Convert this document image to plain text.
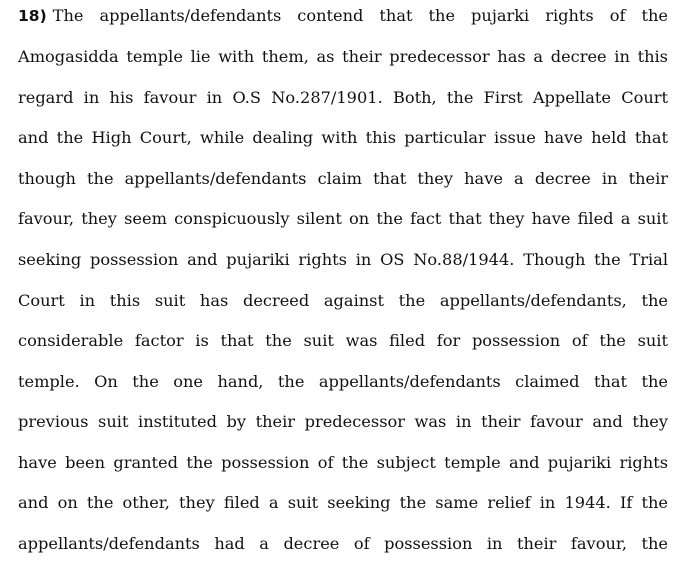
18) The appellants/defendants contend that the pujarki rights of the
Amogasidda temple lie with them, as their predecessor has a decree in this
regard in his favour in O.S No.287/1901. Both, the First Appellate Court
and the High Court, while dealing with this particular issue have held that
though the appellants/defendants claim that they have a decree in their
favour, they seem conspicuously silent on the fact that they have filed a suit
seeking possession and pujariki rights in OS No.88/1944. Though the Trial
Court in this suit has decreed against the appellants/defendants, the
considerable factor is that the suit was filed for possession of the suit
temple. On the one hand, the appellants/defendants claimed that the
previous suit instituted by their predecessor was in their favour and they
have been granted the possession of the subject temple and pujariki rights
and on the other, they filed a suit seeking the same relief in 1944. If the
appellants/defendants had a decree of possession in their favour, the
